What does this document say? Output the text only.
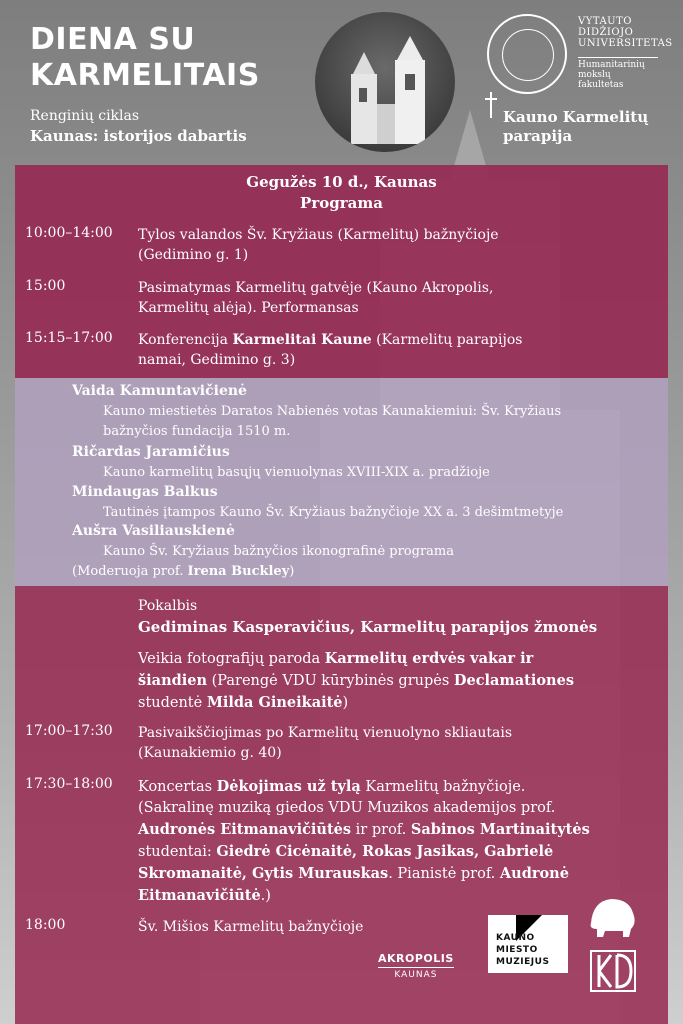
DIENA SU
KARMELITAIS
Renginių ciklas
Kaunas: istorijos dabartis
VYTAUTO
DIDŽIOJO
UNIVERSITETAS
Humanitarinių
mokslų fakultetas
Kauno Karmelitų
parapija
Gegužės 10 d., Kaunas
Programa
10:00–14:00 Tylos valandos Šv. Kryžiaus (Karmelitų) bažnyčioje
(Gedimino g. 1)
15:00	Pasimatymas Karmelitų gatvėje (Kauno Akropolis,
Karmelitų alėja). Performansas
15:15–17:00 Konferencija Karmelitai Kaune (Karmelitų parapijos
namai, Gedimino g. 3)
Vaida Kamuntavičienė
Kauno miestietės Daratos Nabienės votas Kaunakiemiui: Šv. Kryžiaus
bažnyčios fundacija 1510 m.
Ričardas Jaramičius
Kauno karmelitų basųjų vienuolynas XVIII-XIX a. pradžioje
Mindaugas Balkus
Tautinės įtampos Kauno Šv. Kryžiaus bažnyčioje XX a. 3 dešimtmetyje
Aušra Vasiliauskienė
Kauno Šv. Kryžiaus bažnyčios ikonografinė programa
(Moderuoja prof. Irena Buckley)
Pokalbis
Gediminas Kasperavičius, Karmelitų parapijos žmonės
Veikia fotografijų paroda Karmelitų erdvės vakar ir
šiandien (Parengė VDU kūrybinės grupės Declamationes
studentė Milda Gineikaitė)
17:00–17:30 Pasivaikščiojimas po Karmelitų vienuolyno skliautais
(Kaunakiemio g. 40)
17:30–18:00 Koncertas Dėkojimas už tylą Karmelitų bažnyčioje.
(Sakralinę muziką giedos VDU Muzikos akademijos prof.
Audronės Eitmanavičiūtės ir prof. Sabinos Martinaitytės
studentai: Giedrė Cicėnaitė, Rokas Jasikas, Gabrielė
Skromanaitė, Gytis Murauskas. Pianistė prof. Audronė
Eitmanavičiūtė.)
18:00	Šv. Mišios Karmelitų bažnyčioje
AKROPOLIS
KAUNAS
KAUNO
MIESTO
MUZIEJUS
